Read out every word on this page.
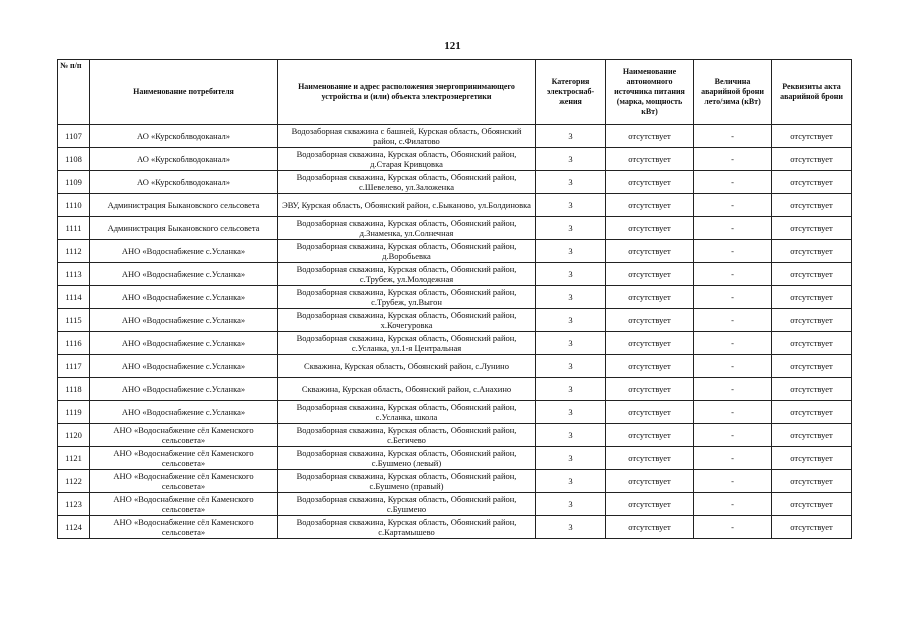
121
№ п/п	Наименование потребителя	Наименование и адрес расположения энергопринимающего устройства и (или) объекта электроэнергетики	Категория электроснаб-жения	Наименование автономного источника питания (марка, мощность кВт)	Величина аварийной брони лето/зима (кВт)	Реквизиты акта аварийной брони
1107	АО «Курскоблводоканал»	Водозаборная скважина с башней, Курская область, Обоянский район, с.Филатово	3	отсутствует	-	отсутствует
1108	АО «Курскоблводоканал»	Водозаборная скважина, Курская область, Обоянский район, д.Старая Кривцовка	3	отсутствует	-	отсутствует
1109	АО «Курскоблводоканал»	Водозаборная скважина, Курская область, Обоянский район, с.Шевелево, ул.Заложенка	3	отсутствует	-	отсутствует
1110	Администрация Быкановского сельсовета	ЭВУ, Курская область, Обоянский район, с.Быканово, ул.Болдиновка	3	отсутствует	-	отсутствует
1111	Администрация Быкановского сельсовета	Водозаборная скважина, Курская область, Обоянский район, д.Знаменка, ул.Солнечная	3	отсутствует	-	отсутствует
1112	АНО «Водоснабжение с.Усланка»	Водозаборная скважина, Курская область, Обоянский район, д.Воробьевка	3	отсутствует	-	отсутствует
1113	АНО «Водоснабжение с.Усланка»	Водозаборная скважина, Курская область, Обоянский район, с.Трубеж, ул.Молодежная	3	отсутствует	-	отсутствует
1114	АНО «Водоснабжение с.Усланка»	Водозаборная скважина, Курская область, Обоянский район, с.Трубеж, ул.Выгон	3	отсутствует	-	отсутствует
1115	АНО «Водоснабжение с.Усланка»	Водозаборная скважина, Курская область, Обоянский район, х.Кочегуровка	3	отсутствует	-	отсутствует
1116	АНО «Водоснабжение с.Усланка»	Водозаборная скважина, Курская область, Обоянский район, с.Усланка, ул.1-я Центральная	3	отсутствует	-	отсутствует
1117	АНО «Водоснабжение с.Усланка»	Скважина, Курская область, Обоянский район, с.Лунино	3	отсутствует	-	отсутствует
1118	АНО «Водоснабжение с.Усланка»	Скважина, Курская область, Обоянский район, с.Анахино	3	отсутствует	-	отсутствует
1119	АНО «Водоснабжение с.Усланка»	Водозаборная скважина, Курская область, Обоянский район, с.Усланка, школа	3	отсутствует	-	отсутствует
1120	АНО «Водоснабжение сёл Каменского сельсовета»	Водозаборная скважина, Курская область, Обоянский район, с.Бегичево	3	отсутствует	-	отсутствует
1121	АНО «Водоснабжение сёл Каменского сельсовета»	Водозаборная скважина, Курская область, Обоянский район, с.Бушмено (левый)	3	отсутствует	-	отсутствует
1122	АНО «Водоснабжение сёл Каменского сельсовета»	Водозаборная скважина, Курская область, Обоянский район, с.Бушмено (правый)	3	отсутствует	-	отсутствует
1123	АНО «Водоснабжение сёл Каменского сельсовета»	Водозаборная скважина, Курская область, Обоянский район, с.Бушмено	3	отсутствует	-	отсутствует
1124	АНО «Водоснабжение сёл Каменского сельсовета»	Водозаборная скважина, Курская область, Обоянский район, с.Картамышево	3	отсутствует	-	отсутствует
